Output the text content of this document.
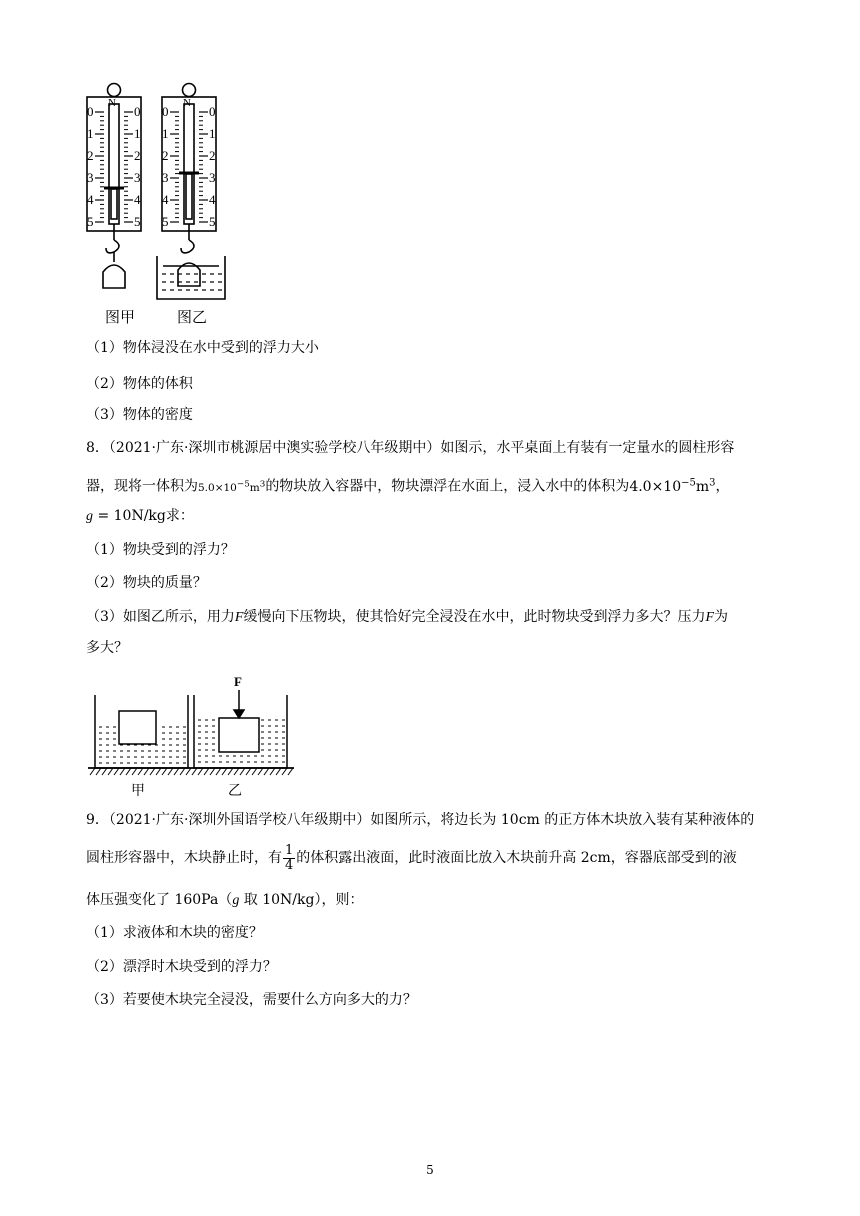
0	0
1	1
2	2
3	3
4	4
5	5
0	0
1	1
2	2
3	3
4	4
5	5
N	N
图甲	图乙
（1）物体浸没在水中受到的浮力大小
（2）物体的体积
（3）物体的密度
8．（2021·广东·深圳市桃源居中澳实验学校八年级期中）如图示，水平桌面上有装有一定量水的圆柱形容
器，现将一体积为$5.0\times 10^{-5}m^3$的物块放入容器中，物块漂浮在水面上，浸入水中的体积为$4.0\times 10^{-5}m^3$，
g = 10N/kg求：
（1）物块受到的浮力？
（2）物块的质量？
（3）如图乙所示，用力F缓慢向下压物块，使其恰好完全浸没在水中，此时物块受到浮力多大？压力F为
多大？
F
甲	乙
9．（2021·广东·深圳外国语学校八年级期中）如图所示，将边长为 10cm 的正方体木块放入装有某种液体的
圆柱形容器中，木块静止时，有 $\frac{1}{4}$ 的体积露出液面，此时液面比放入木块前升高 2cm，容器底部受到的液
体压强变化了 160Pa（g 取 10N/kg），则：
（1）求液体和木块的密度？
（2）漂浮时木块受到的浮力？
（3）若要使木块完全浸没，需要什么方向多大的力？
5
